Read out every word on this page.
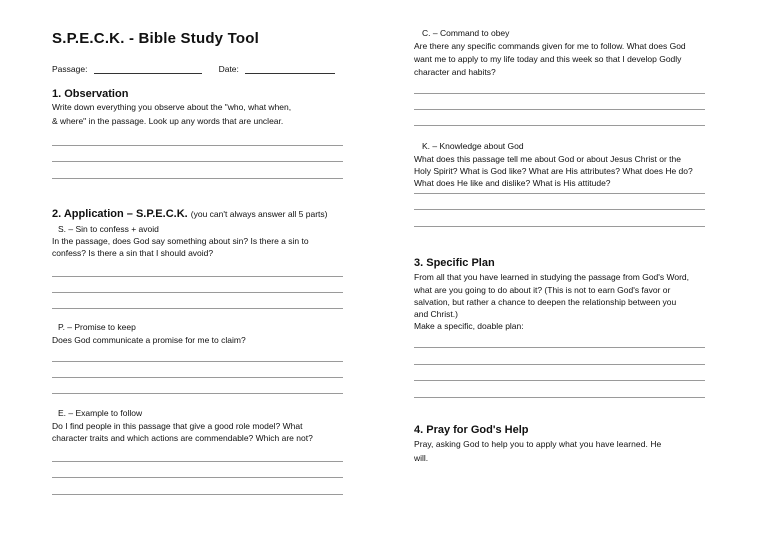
S.P.E.C.K. - Bible Study Tool
Passage:	Date:
1. Observation
Write down everything you observe about the "who, what when,
& where" in the passage. Look up any words that are unclear.
2. Application – S.P.E.C.K. (you can't always answer all 5 parts)
S. – Sin to confess + avoid
In the passage, does God say something about sin? Is there a sin to
confess? Is there a sin that I should avoid?
P. – Promise to keep
Does God communicate a promise for me to claim?
E. – Example to follow
Do I find people in this passage that give a good role model? What
character traits and which actions are commendable? Which are not?
C. – Command to obey
Are there any specific commands given for me to follow. What does God
want me to apply to my life today and this week so that I develop Godly
character and habits?
K. – Knowledge about God
What does this passage tell me about God or about Jesus Christ or the
Holy Spirit? What is God like? What are His attributes? What does He do?
What does He like and dislike? What is His attitude?
3. Specific Plan
From all that you have learned in studying the passage from God's Word,
what are you going to do about it? (This is not to earn God's favor or
salvation, but rather a chance to deepen the relationship between you
and Christ.)
Make a specific, doable plan:
4. Pray for God's Help
Pray, asking God to help you to apply what you have learned. He
will.
